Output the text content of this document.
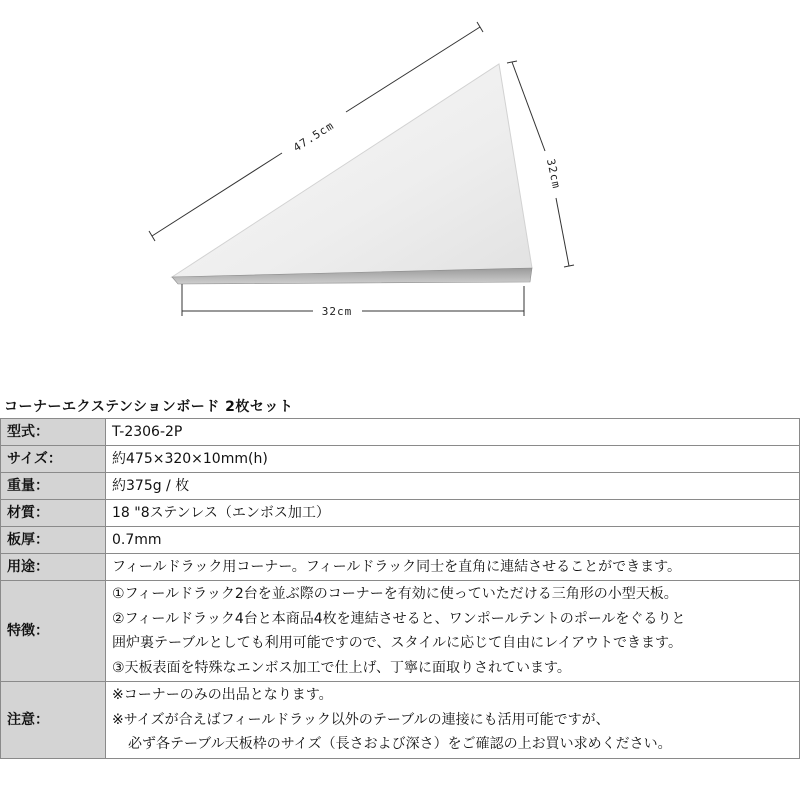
47.5cm
32cm
32cm
コーナーエクステンションボード 2枚セット
型式：	T-2306-2P

サイズ：	約475×320×10mm(h)

重量：	約375g / 枚

材質：	18 "8ステンレス（エンボス加工）

板厚：	0.7mm

用途：	フィールドラック用コーナー。フィールドラック同士を直角に連結させることができます。

特徴：	①フィールドラック2台を並ぶ際のコーナーを有効に使っていただける三角形の小型天板。
②フィールドラック4台と本商品4枚を連結させると、ワンポールテントのポールをぐるりと
囲炉裏テーブルとしても利用可能ですので、スタイルに応じて自由にレイアウトできます。
③天板表面を特殊なエンボス加工で仕上げ、丁寧に面取りされています。

注意：	※コーナーのみの出品となります。
※サイズが合えばフィールドラック以外のテーブルの連接にも活用可能ですが、
必ず各テーブル天板枠のサイズ（長さおよび深さ）をご確認の上お買い求めください。
